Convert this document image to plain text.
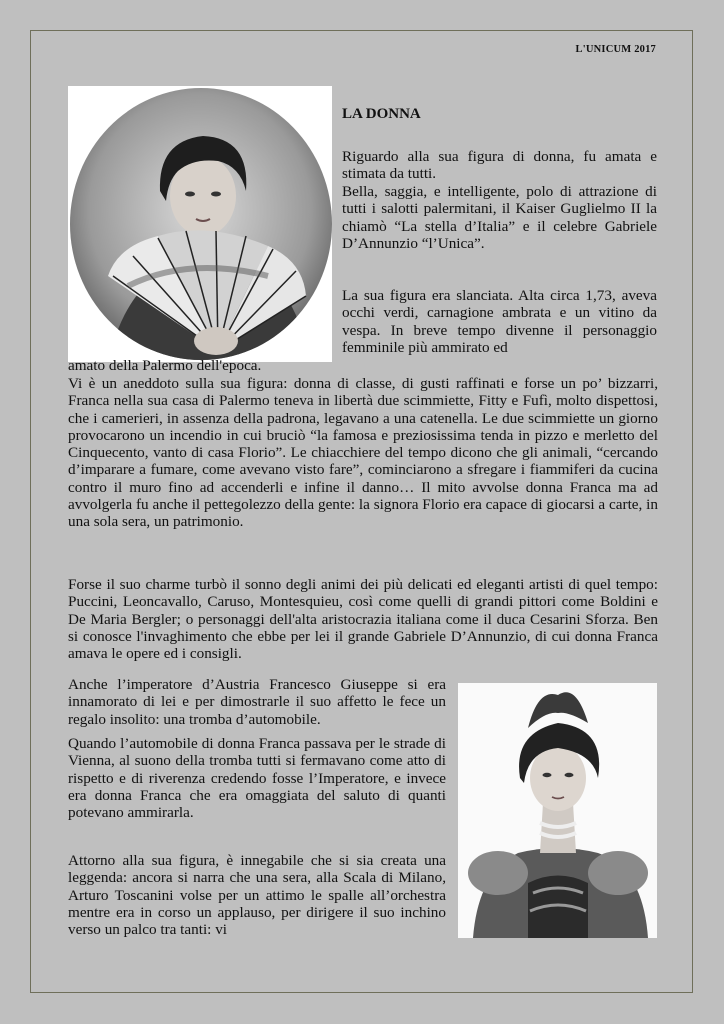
L'UNICUM 2017
LA DONNA

Riguardo alla sua figura di donna, fu amata e stimata da tutti.

Bella, saggia, e intelligente, polo di attrazione di tutti i salotti palermitani, il Kaiser Guglielmo II la chiamò “La stella d’Italia” e il celebre Gabriele D’Annunzio “l’Unica”.

La sua figura era slanciata. Alta circa 1,73, aveva occhi verdi, carnagione ambrata e un vitino da vespa. In breve tempo divenne il personaggio femminile più ammirato ed

amato della Palermo dell'epoca.

Vi è un aneddoto sulla sua figura: donna di classe, di gusti raffinati e forse un po’ bizzarri, Franca nella sua casa di Palermo teneva in libertà due scimmiette, Fitty e Fufì, molto dispettosi, che i camerieri, in assenza della padrona, legavano a una catenella. Le due scimmiette un giorno provocarono un incendio in cui bruciò “la famosa e preziosissima tenda in pizzo e merletto del Cinquecento, vanto di casa Florio”. Le chiacchiere del tempo dicono che gli animali, “cercando d’imparare a fumare, come avevano visto fare”, cominciarono a sfregare i fiammiferi da cucina contro il muro fino ad accenderli e infine il danno… Il mito avvolse donna Franca ma ad avvolgerla fu anche il pettegolezzo della gente: la signora Florio era capace di giocarsi a carte, in una sola sera, un patrimonio.

Forse il suo charme turbò il sonno degli animi dei più delicati ed eleganti artisti di quel tempo: Puccini, Leoncavallo, Caruso, Montesquieu, così come quelli di grandi pittori come Boldini e De Maria Bergler; o personaggi dell'alta aristocrazia italiana come il duca Cesarini Sforza. Ben si conosce l'invaghimento che ebbe per lei il grande Gabriele D’Annunzio, di cui donna Franca amava le opere ed i consigli.

Anche l’imperatore d’Austria Francesco Giuseppe si era innamorato di lei e per dimostrarle il suo affetto le fece un regalo insolito: una tromba d’automobile.

Quando l’automobile di donna Franca passava per le strade di Vienna, al suono della tromba tutti si fermavano come atto di rispetto e di riverenza credendo fosse l’Imperatore, e invece era donna Franca che era omaggiata del saluto di quanti potevano ammirarla.

Attorno alla sua figura, è innegabile che si sia creata una leggenda: ancora si narra che una sera, alla Scala di Milano, Arturo Toscanini volse per un attimo le spalle all’orchestra mentre era in corso un applauso, per dirigere il suo inchino verso un palco tra tanti: vi
